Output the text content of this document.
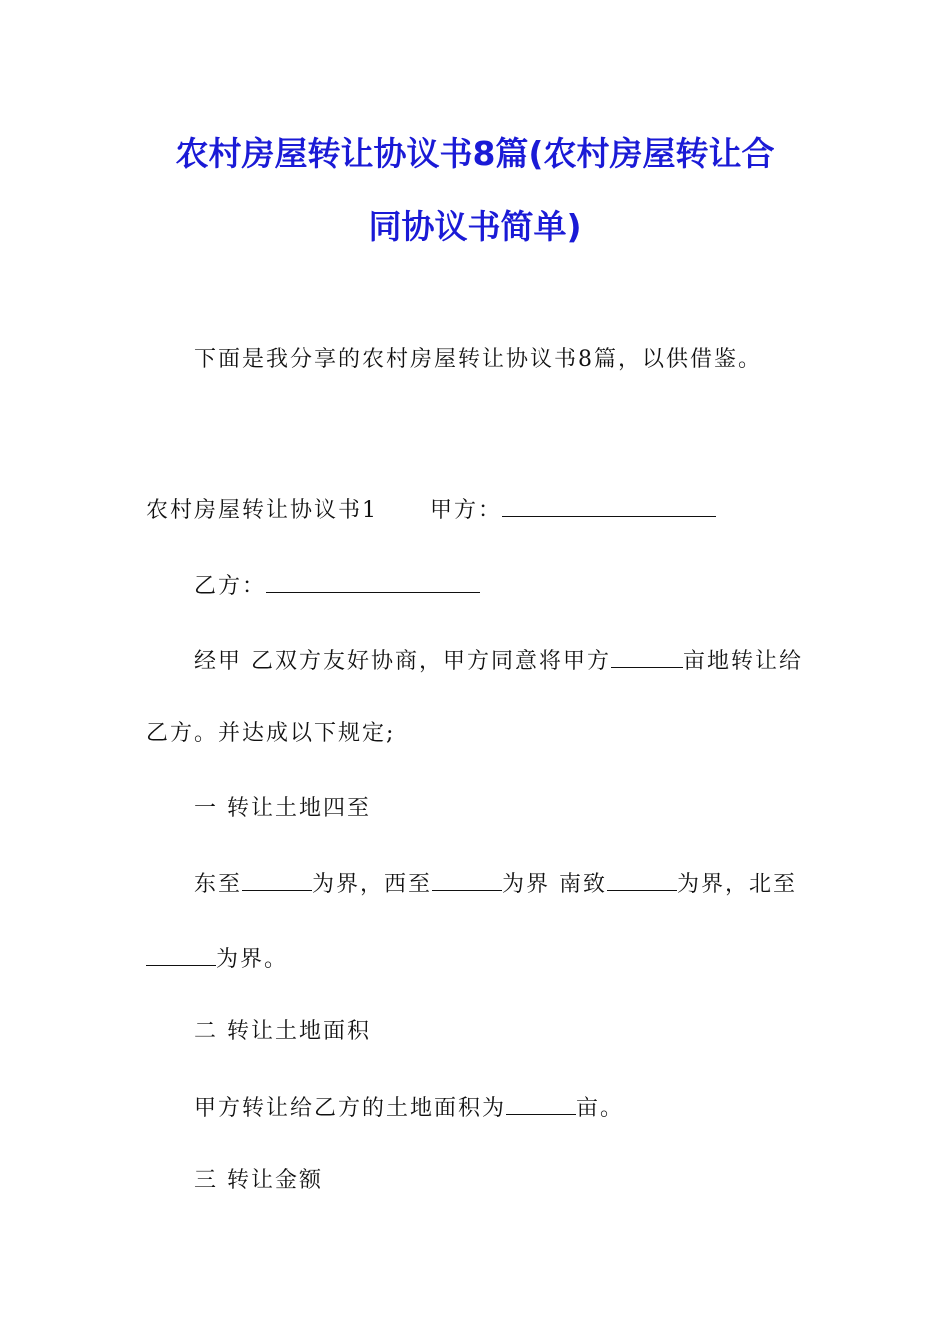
农村房屋转让协议书8篇(农村房屋转让合
同协议书简单)
下面是我分享的农村房屋转让协议书8篇，以供借鉴。
农村房屋转让协议书1 甲方：
乙方：
经甲 乙双方友好协商，甲方同意将甲方	亩地转让给
乙方。并达成以下规定;
一 转让土地四至
东至	为界，西至	为界 南致	为界，北至
为界。
二 转让土地面积
甲方转让给乙方的土地面积为	亩。
三 转让金额
